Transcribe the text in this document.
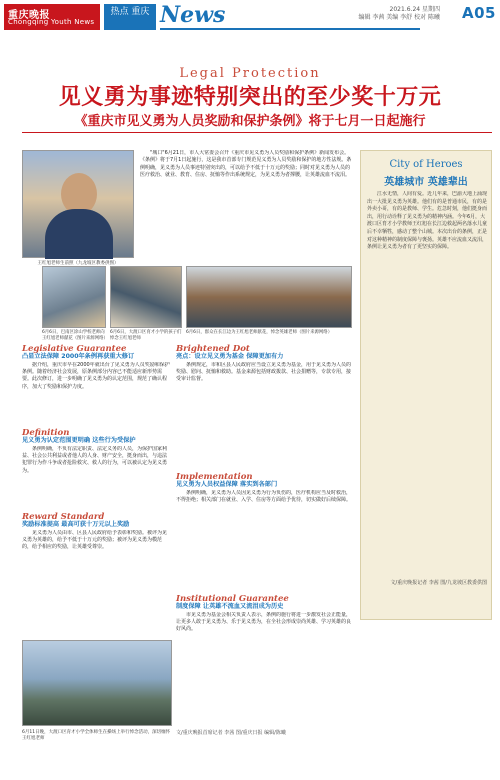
重庆晚报
Chongqing Youth News
热点 重庆 News	2021.6.24 星期四
编辑 李茜 美编 李舒 校对 陈曦 A05
Legal Protection
见义勇为事迹特别突出的至少奖十万元
《重庆市见义勇为人员奖励和保护条例》将于七月一日起施行
王红旭老师生前照（九龙坡区教委供图）
"城口"6月21日，市人大常委会召开《重庆市见义勇为人员奖励和保护条例》新闻发布会。《条例》将于7月1日起施行，这是我市首部专门规范见义勇为人员奖励和保护的地方性法规。条例明确，见义勇为人员事迹特别突出的，可以给予不低于十万元的奖励；同时对见义勇为人员的医疗救治、就业、教育、住房、抚恤等作出系统规定，为见义勇为者撑腰，让英雄流血不流泪。
6月6日，巴南区涂山学校老师向王红旭老师献花（图片来源网络）
6月6日，大渡口区育才小学的孩子们悼念王红旭老师
6月6日，群众在长江边为王红旭老师献花，悼念英雄老师（图片来源网络）
City of Heroes
英雄城市 英雄辈出
江水无情，人间有爱。近几年来，巴渝大地上涌现出一大批见义勇为英雄。他们有的是普通市民，有的是外卖小哥，有的是教师、学生。危急时刻，他们挺身而出，用行动诠释了见义勇为的精神内涵。今年6月，大渡口区育才小学教师王红旭在长江边救起两名落水儿童后不幸牺牲，感动了整个山城。本次出台的条例，正是对这种精神的制度保障与褒扬。英雄不应流血又流泪，条例让见义勇为者有了更坚实的保障。
文/重庆晚报记者 李茜 图/九龙坡区教委供图
Legislative Guarantee
凸显立法保障 2000年条例再获重大修订
据介绍，重庆市早在2000年就出台了见义勇为人员奖励和保护条例。随着经济社会发展，原条例部分内容已不能适应新形势需要。此次修订，进一步明确了见义勇为的认定范围，规范了确认程序，加大了奖励和保护力度。
Definition
见义勇为认定范围更明确 这些行为受保护
条例明确，不负有法定职责、法定义务的人员，为保护国家利益、社会公共利益或者他人的人身、财产安全，挺身而出，与违法犯罪行为作斗争或者抢险救灾、救人的行为，可以被认定为见义勇为。
Reward Standard
奖励标准提高 最高可获十万元以上奖励
见义勇为人员由市、区县人民政府给予表彰和奖励。被评为见义勇为英雄的，给予不低于十万元的奖励；被评为见义勇为模范的，给予相应的奖励，让英雄受尊崇。
Brightened Dot
亮点：设立见义勇为基金 保障更加有力
条例规定，市和区县人民政府应当设立见义勇为基金，用于见义勇为人员的奖励、慰问、抚恤和救助。基金来源包括财政拨款、社会捐赠等，专款专用，接受审计监督。
Implementation
见义勇为人员权益保障 落实到各部门
条例明确，见义勇为人员因见义勇为行为负伤的，医疗机构应当及时救治，不得拒绝；相关部门在就业、入学、住房等方面给予优待，切实做好后续保障。
Institutional Guarantee
制度保障 让英雄不流血又流泪成为历史
市见义勇为基金会相关负责人表示，条例的施行将进一步激发社会正能量，让更多人敢于见义勇为、乐于见义勇为，在全社会形成崇尚英雄、学习英雄的良好风尚。
6月11日晚，大渡口区育才小学全体师生在操场上举行悼念活动，深切缅怀王红旭老师
文/重庆晚报首席记者 李茜 图/重庆日报 编辑/陈曦
